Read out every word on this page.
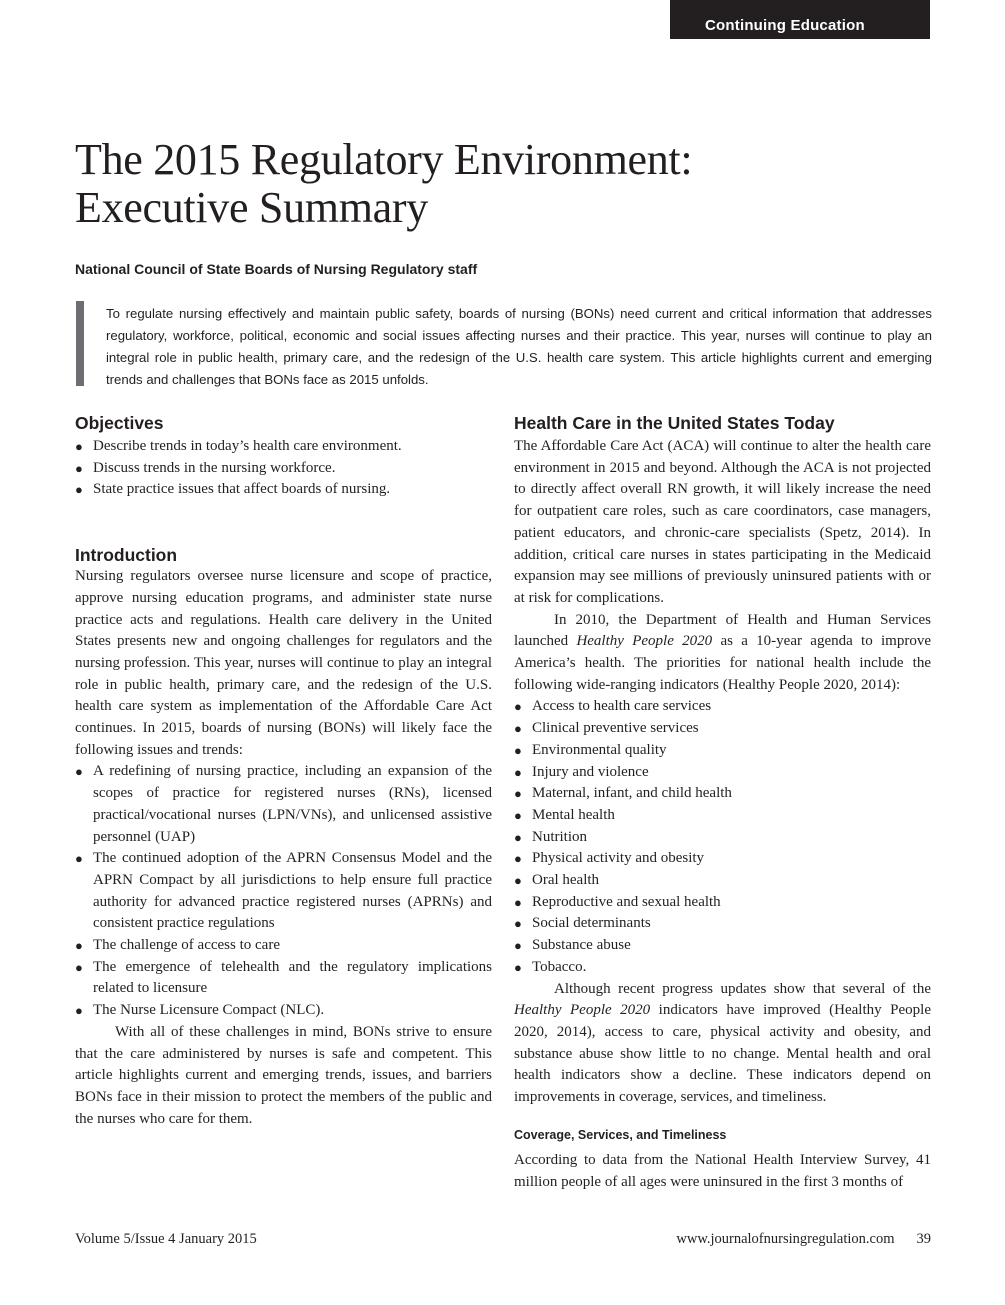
Continuing Education
The 2015 Regulatory Environment:
Executive Summary
National Council of State Boards of Nursing Regulatory staff

To regulate nursing effectively and maintain public safety, boards of nursing (BONs) need current and critical information that addresses regulatory, workforce, political, economic and social issues affecting nurses and their practice. This year, nurses will continue to play an integral role in public health, primary care, and the redesign of the U.S. health care system. This article highlights current and emerging trends and challenges that BONs face as 2015 unfolds.

Objectives
● Describe trends in today’s health care environment.
● Discuss trends in the nursing workforce.
● State practice issues that affect boards of nursing.
Introduction

Nursing regulators oversee nurse licensure and scope of practice, approve nursing education programs, and administer state nurse practice acts and regulations. Health care delivery in the United States presents new and ongoing challenges for regulators and the nursing profession. This year, nurses will continue to play an integral role in public health, primary care, and the redesign of the U.S. health care system as implementation of the Affordable Care Act continues. In 2015, boards of nursing (BONs) will likely face the following issues and trends:

● A redefining of nursing practice, including an expansion of the scopes of practice for registered nurses (RNs), licensed practical/vocational nurses (LPN/VNs), and unlicensed assistive personnel (UAP)
● The continued adoption of the APRN Consensus Model and the APRN Compact by all jurisdictions to help ensure full practice authority for advanced practice registered nurses (APRNs) and consistent practice regulations
● The challenge of access to care
● The emergence of telehealth and the regulatory implications related to licensure
● The Nurse Licensure Compact (NLC).

With all of these challenges in mind, BONs strive to ensure that the care administered by nurses is safe and competent. This article highlights current and emerging trends, issues, and barriers BONs face in their mission to protect the members of the public and the nurses who care for them.

Health Care in the United States Today

The Affordable Care Act (ACA) will continue to alter the health care environment in 2015 and beyond. Although the ACA is not projected to directly affect overall RN growth, it will likely increase the need for outpatient care roles, such as care coordinators, case managers, patient educators, and chronic-care specialists (Spetz, 2014). In addition, critical care nurses in states participating in the Medicaid expansion may see millions of previously uninsured patients with or at risk for complications.

In 2010, the Department of Health and Human Services launched Healthy People 2020 as a 10-year agenda to improve America’s health. The priorities for national health include the following wide-ranging indicators (Healthy People 2020, 2014):

● Access to health care services
● Clinical preventive services
● Environmental quality
● Injury and violence
● Maternal, infant, and child health
● Mental health
● Nutrition
● Physical activity and obesity
● Oral health
● Reproductive and sexual health
● Social determinants
● Substance abuse
● Tobacco.

Although recent progress updates show that several of the Healthy People 2020 indicators have improved (Healthy People 2020, 2014), access to care, physical activity and obesity, and substance abuse show little to no change. Mental health and oral health indicators show a decline. These indicators depend on improvements in coverage, services, and timeliness.

Coverage, Services, and Timeliness

According to data from the National Health Interview Survey, 41 million people of all ages were uninsured in the first 3 months of

Volume 5/Issue 4 January 2015	www.journalofnursingregulation.com 39
